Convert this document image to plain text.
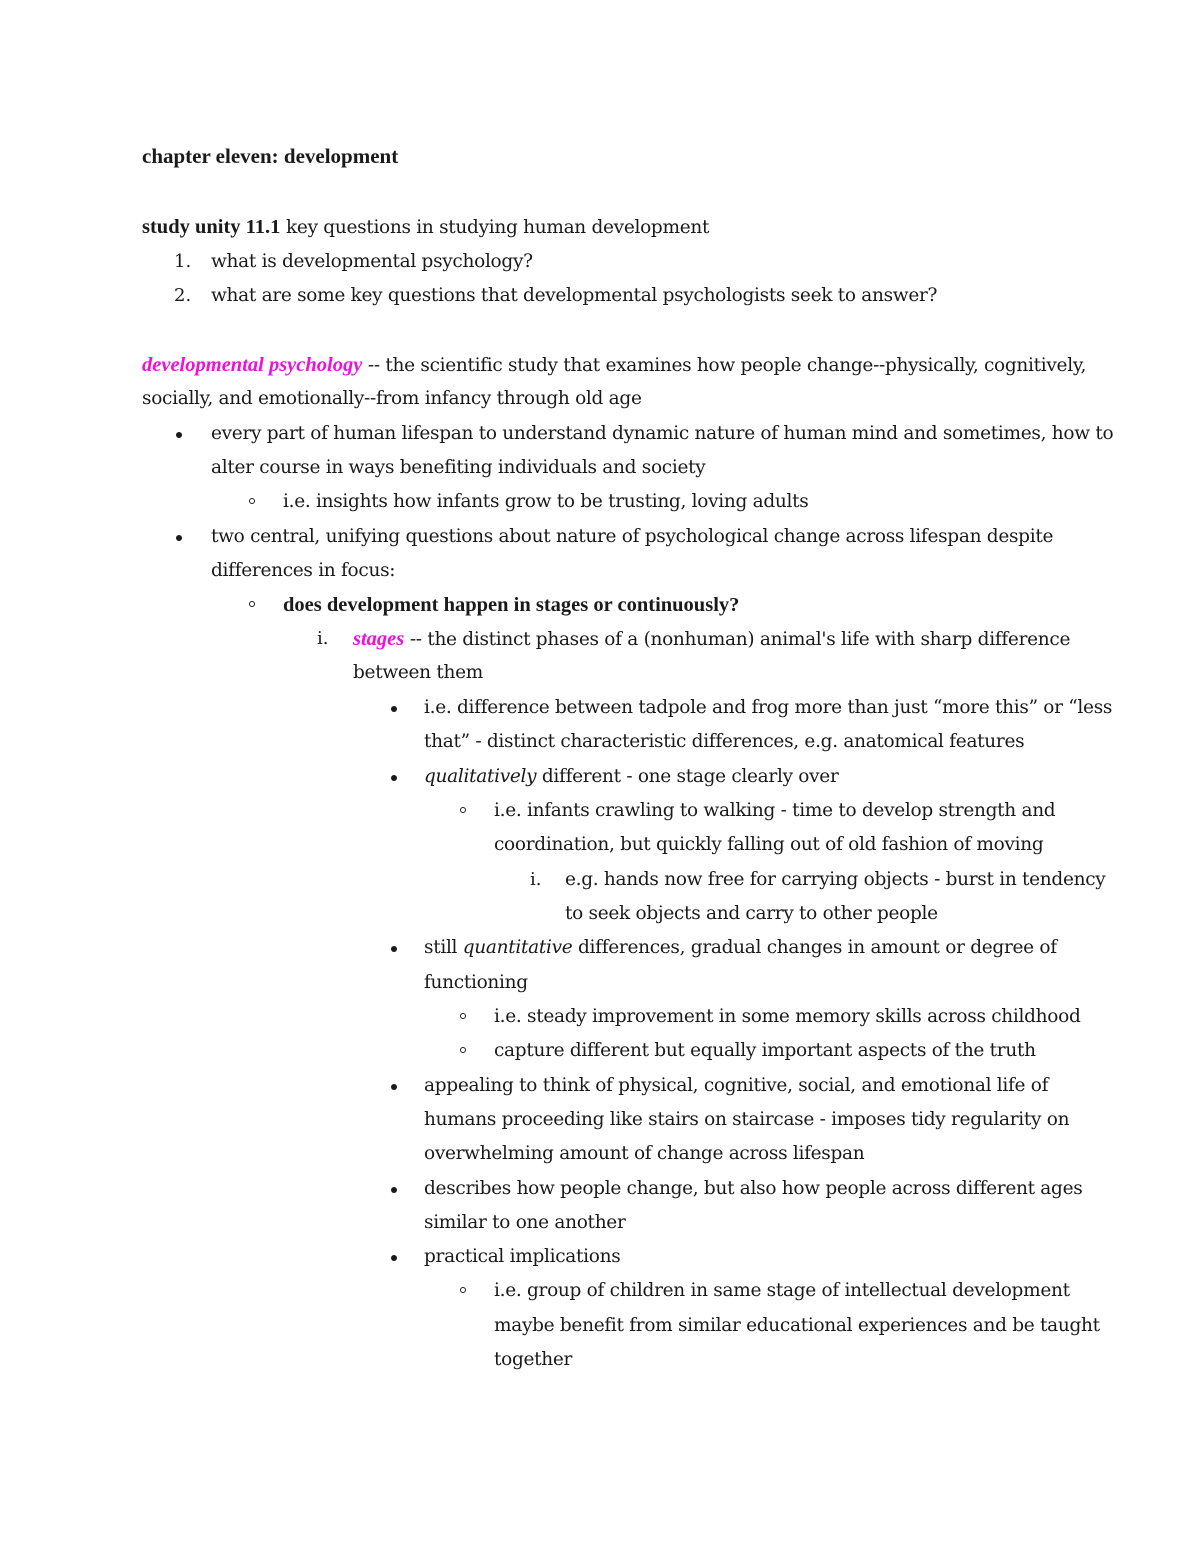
chapter eleven: development
study unity 11.1 key questions in studying human development
1. what is developmental psychology?
2. what are some key questions that developmental psychologists seek to answer?
developmental psychology -- the scientific study that examines how people change--physically, cognitively,
socially, and emotionally--from infancy through old age
every part of human lifespan to understand dynamic nature of human mind and sometimes, how to
alter course in ways benefiting individuals and society
i.e. insights how infants grow to be trusting, loving adults
two central, unifying questions about nature of psychological change across lifespan despite
differences in focus:
does development happen in stages or continuously?
i. stages -- the distinct phases of a (nonhuman) animal's life with sharp difference
between them
i.e. difference between tadpole and frog more than just “more this” or “less
that” - distinct characteristic differences, e.g. anatomical features
qualitatively different - one stage clearly over
i.e. infants crawling to walking - time to develop strength and
coordination, but quickly falling out of old fashion of moving
i. e.g. hands now free for carrying objects - burst in tendency
to seek objects and carry to other people
still quantitative differences, gradual changes in amount or degree of
functioning
i.e. steady improvement in some memory skills across childhood
capture different but equally important aspects of the truth
appealing to think of physical, cognitive, social, and emotional life of
humans proceeding like stairs on staircase - imposes tidy regularity on
overwhelming amount of change across lifespan
describes how people change, but also how people across different ages
similar to one another
practical implications
i.e. group of children in same stage of intellectual development
maybe benefit from similar educational experiences and be taught
together
